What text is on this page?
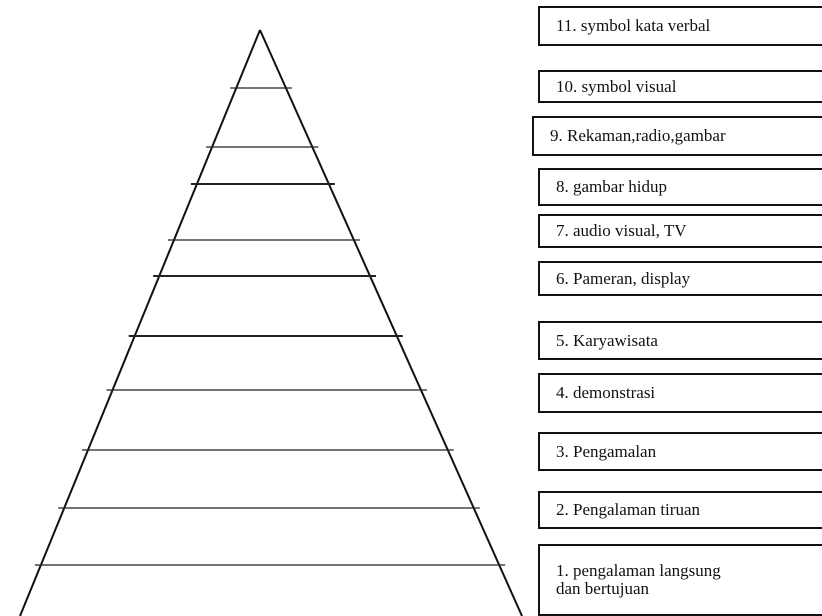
11. symbol kata verbal
10. symbol visual
9. Rekaman,radio,gambar
8. gambar hidup
7. audio visual, TV
6. Pameran, display
5. Karyawisata
4. demonstrasi
3. Pengamalan
2. Pengalaman tiruan
1. pengalaman langsung
dan bertujuan
